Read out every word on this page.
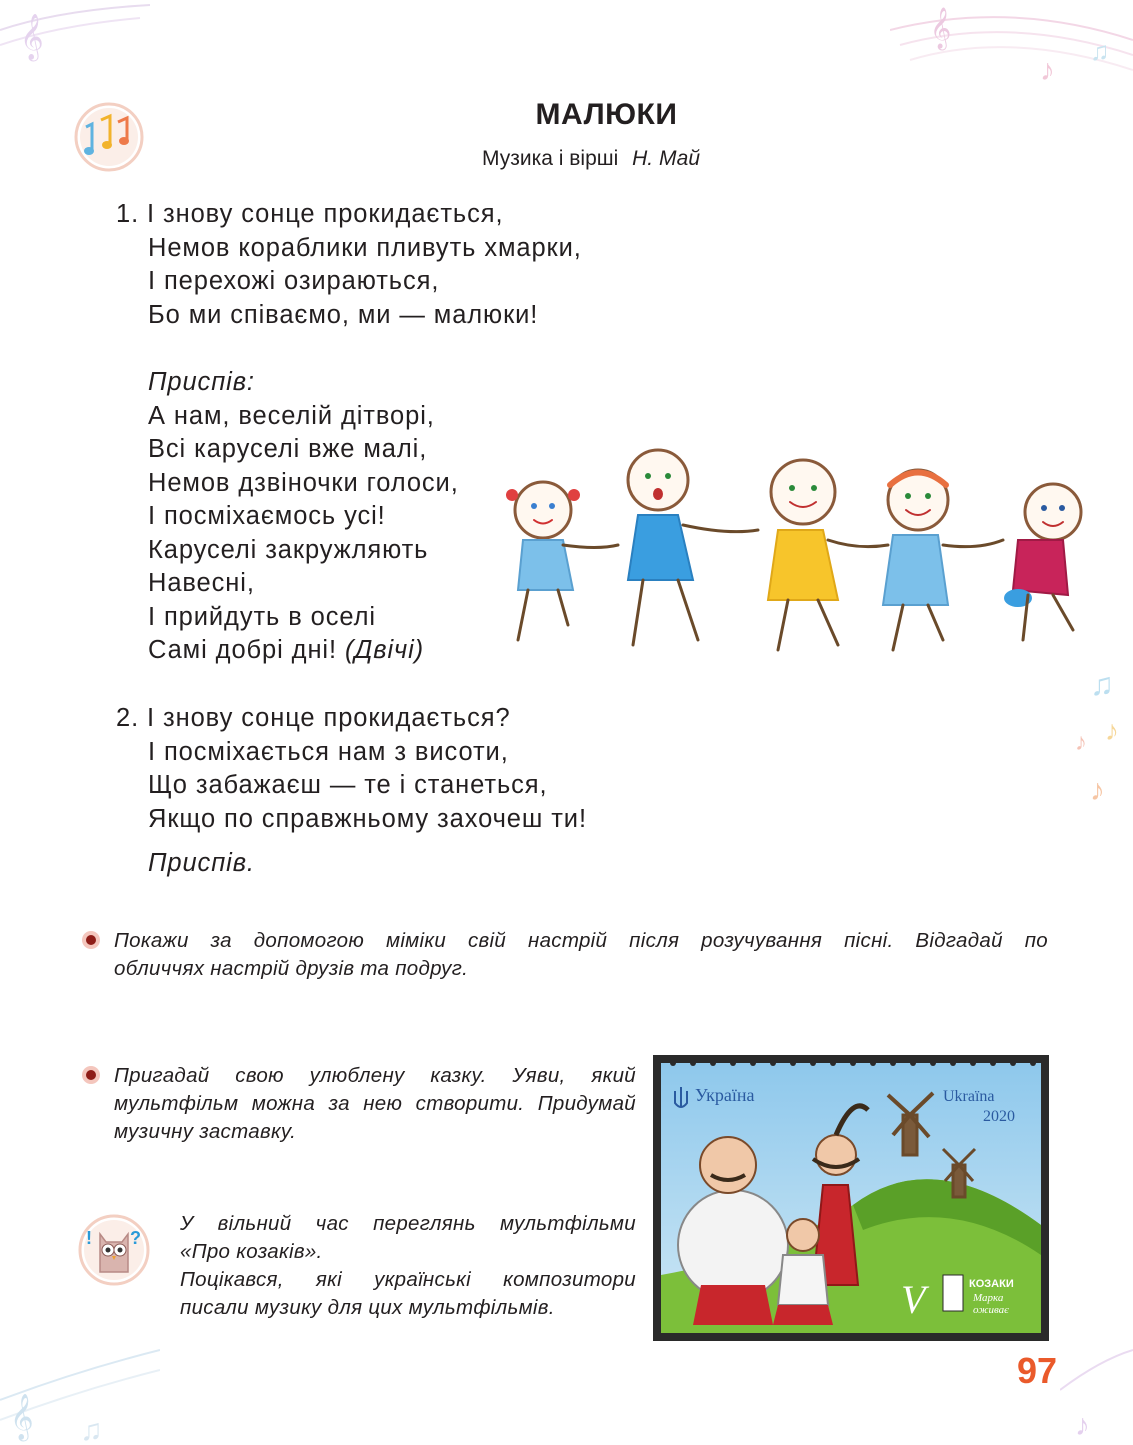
𝄞	𝄞
♪
♫
♫
♪
♪
♪
𝄞 ♫	♪
МАЛЮКИ
Музика і вірші Н. Май
1. І знову сонце прокидається,
Немов кораблики пливуть хмарки,
І перехожі озираються,
Бо ми співаємо, ми — малюки!
Приспів:
А нам, веселій дітворі,
Всі каруселі вже малі,
Немов дзвіночки голоси,
І посміхаємось усі!
Каруселі закружляють
Навесні,
І прийдуть в оселі
Самі добрі дні! (Двічі)
2. І знову сонце прокидається?
І посміхається нам з висоти,
Що забажаєш — те і станеться,
Якщо по справжньому захочеш ти!
Приспів.
Покажи за допомогою міміки свій настрій після розучування пісні. Відгадай по
обличчях настрій друзів та подруг.
Пригадай свою улюблену казку. Уяви, який
мультфільм можна за нею створити. Придумай
музичну заставку.
! ?
У вільний час переглянь мультфільми
«Про козаків».
Поцікався, які українські композитори
писали музику для цих мультфільмів.
Україна	Ukraïna
2020
V	КОЗАКИ
Марка
оживає
97
